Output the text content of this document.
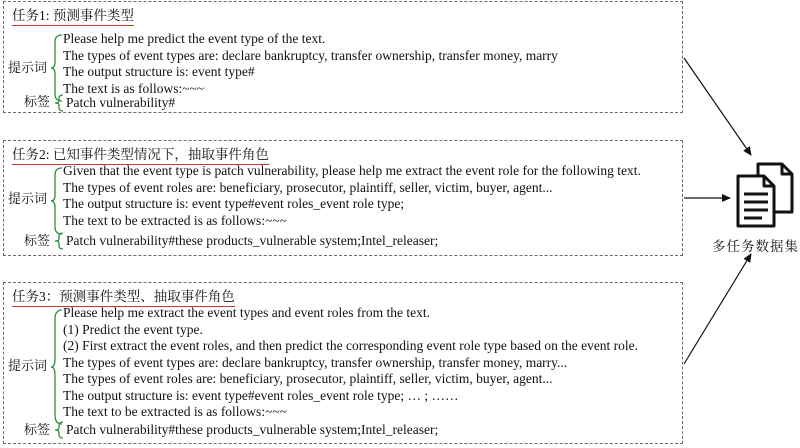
任务1: 预测事件类型
提示词
Please help me predict the event type of the text.
The types of event types are: declare bankruptcy, transfer ownership, transfer money, marry
The output structure is: event type#
The text is as follows:~~~
标签 Patch vulnerability#
任务2: 已知事件类型情况下，抽取事件角色
提示词
Given that the event type is patch vulnerability, please help me extract the event role for the following text.
The types of event roles are: beneficiary, prosecutor, plaintiff, seller, victim, buyer, agent...
The output structure is: event type#event roles_event role type;
The text to be extracted is as follows:~~~
标签 Patch vulnerability#these products_vulnerable system;Intel_releaser;
任务3：预测事件类型、抽取事件角色
提示词
Please help me extract the event types and event roles from the text.
(1) Predict the event type.
(2) First extract the event roles, and then predict the corresponding event role type based on the event role.
The types of event types are: declare bankruptcy, transfer ownership, transfer money, marry...
The types of event roles are: beneficiary, prosecutor, plaintiff, seller, victim, buyer, agent...
The output structure is: event type#event roles_event role type; … ; ……
The text to be extracted is as follows:~~~
标签 Patch vulnerability#these products_vulnerable system;Intel_releaser;
多任务数据集
